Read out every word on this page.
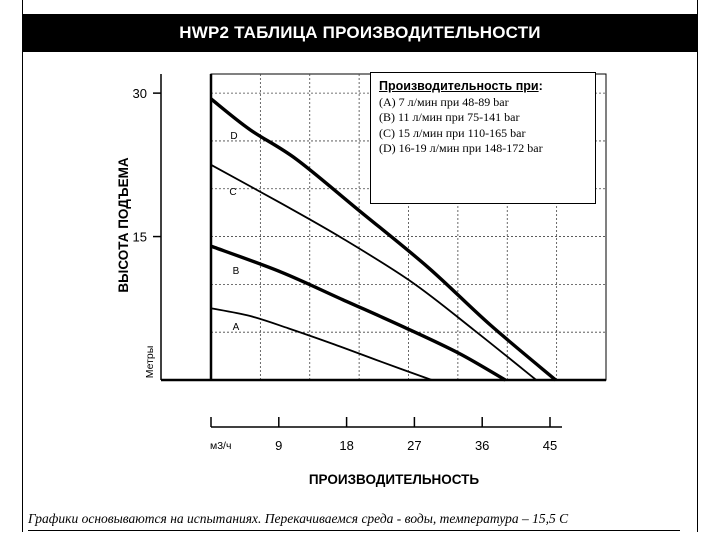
HWP2 ТАБЛИЦА ПРОИЗВОДИТЕЛЬНОСТИ
15
30
ВЫСОТА ПОДЪЕМА
Метры
9	18	27	36	45
м3/ч
ПРОИЗВОДИТЕЛЬНОСТЬ
A
B
C
D
Производительность при:
(A) 7 л/мин при 48-89 bar
(B) 11 л/мин при 75-141 bar
(C) 15 л/мин при 110-165 bar
(D) 16-19 л/мин при 148-172 bar
Графики основываются на испытаниях. Перекачиваемся среда - воды, температура – 15,5 С
